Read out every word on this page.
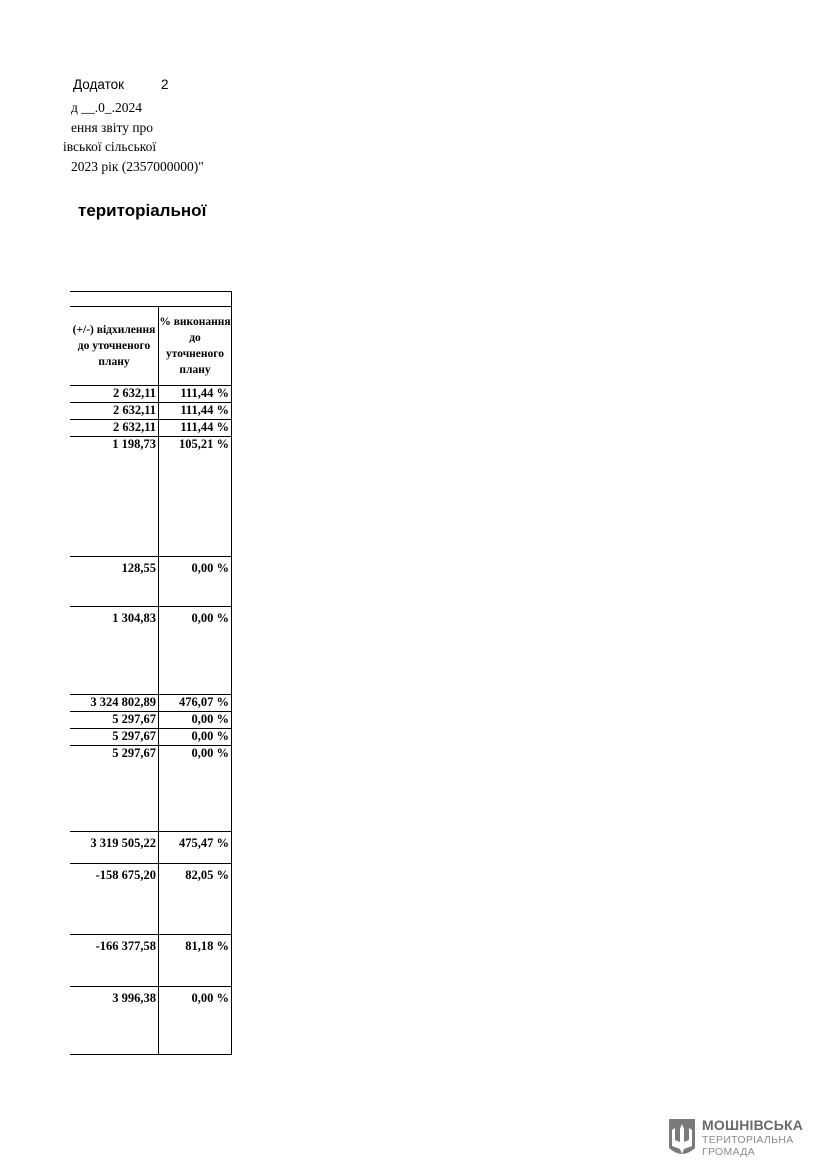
Додаток	2
д __.0_.2024
ення звіту про
івської сільської
2023 рік (2357000000)"
територіальної

(+/-) відхилення до уточненого плану	% виконання до уточненого плану
2 632,11	111,44 %
2 632,11	111,44 %
2 632,11	111,44 %
1 198,73	105,21 %
128,55	0,00 %
1 304,83	0,00 %
3 324 802,89	476,07 %
5 297,67	0,00 %
5 297,67	0,00 %
5 297,67	0,00 %
3 319 505,22	475,47 %
-158 675,20	82,05 %
-166 377,58	81,18 %
3 996,38	0,00 %
МОШНІВСЬКА
ТЕРИТОРІАЛЬНА
ГРОМАДА
